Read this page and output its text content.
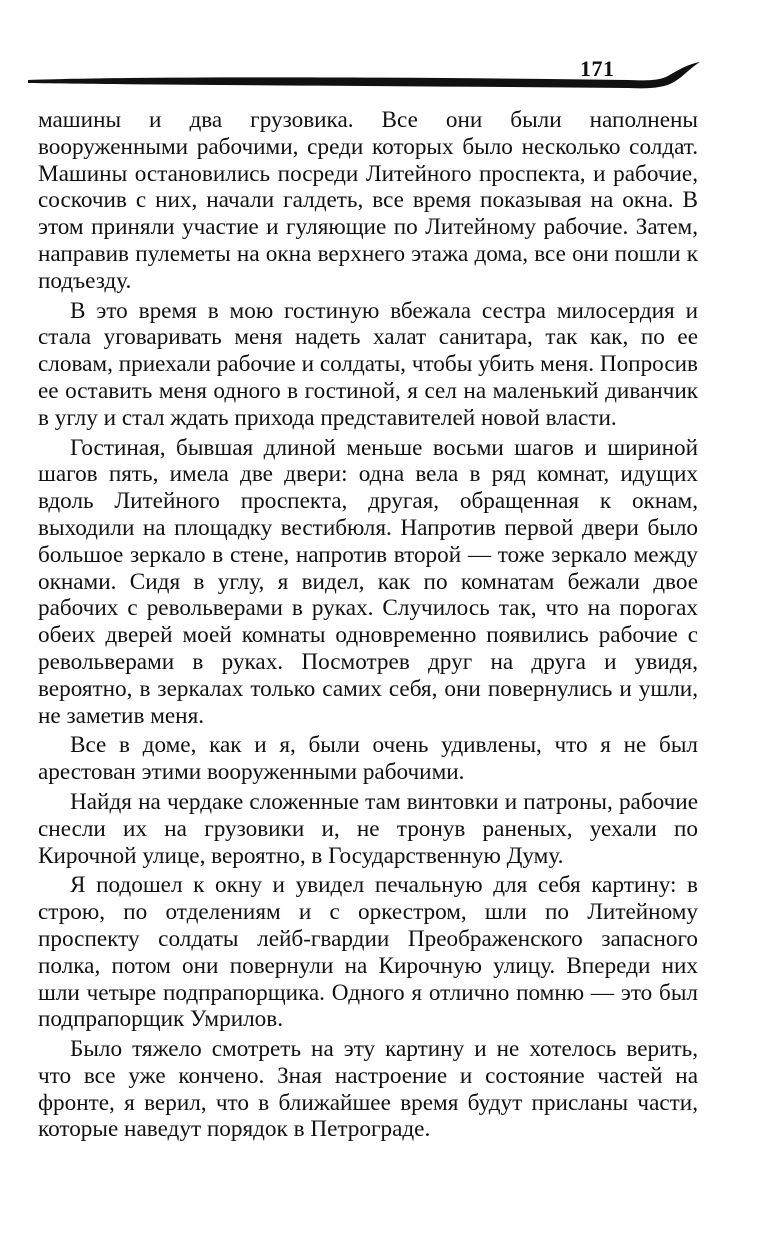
171

машины и два грузовика. Все они были наполнены вооруженными рабочими, среди которых было несколько солдат. Машины остановились посреди Литейного проспекта, и рабочие, соскочив с них, начали галдеть, все время показывая на окна. В этом приняли участие и гуляющие по Литейному рабочие. Затем, направив пулеметы на окна верхнего этажа дома, все они пошли к подъезду.

В это время в мою гостиную вбежала сестра милосердия и стала уговаривать меня надеть халат санитара, так как, по ее словам, приехали рабочие и солдаты, чтобы убить меня. Попросив ее оставить меня одного в гостиной, я сел на маленький диванчик в углу и стал ждать прихода представителей новой власти.

Гостиная, бывшая длиной меньше восьми шагов и шириной шагов пять, имела две двери: одна вела в ряд комнат, идущих вдоль Литейного проспекта, другая, обращенная к окнам, выходили на площадку вестибюля. Напротив первой двери было большое зеркало в стене, напротив второй — тоже зеркало между окнами. Сидя в углу, я видел, как по комнатам бежали двое рабочих с револьверами в руках. Случилось так, что на порогах обеих дверей моей комнаты одновременно появились рабочие с револьверами в руках. Посмотрев друг на друга и увидя, вероятно, в зеркалах только самих себя, они повернулись и ушли, не заметив меня.

Все в доме, как и я, были очень удивлены, что я не был арестован этими вооруженными рабочими.

Найдя на чердаке сложенные там винтовки и патроны, рабочие снесли их на грузовики и, не тронув раненых, уехали по Кирочной улице, вероятно, в Государственную Думу.

Я подошел к окну и увидел печальную для себя картину: в строю, по отделениям и с оркестром, шли по Литейному проспекту солдаты лейб-гвардии Преображенского запасного полка, потом они повернули на Кирочную улицу. Впереди них шли четыре подпрапорщика. Одного я отлично помню — это был подпрапорщик Умрилов.

Было тяжело смотреть на эту картину и не хотелось верить, что все уже кончено. Зная настроение и состояние частей на фронте, я верил, что в ближайшее время будут присланы части, которые наведут порядок в Петрограде.
